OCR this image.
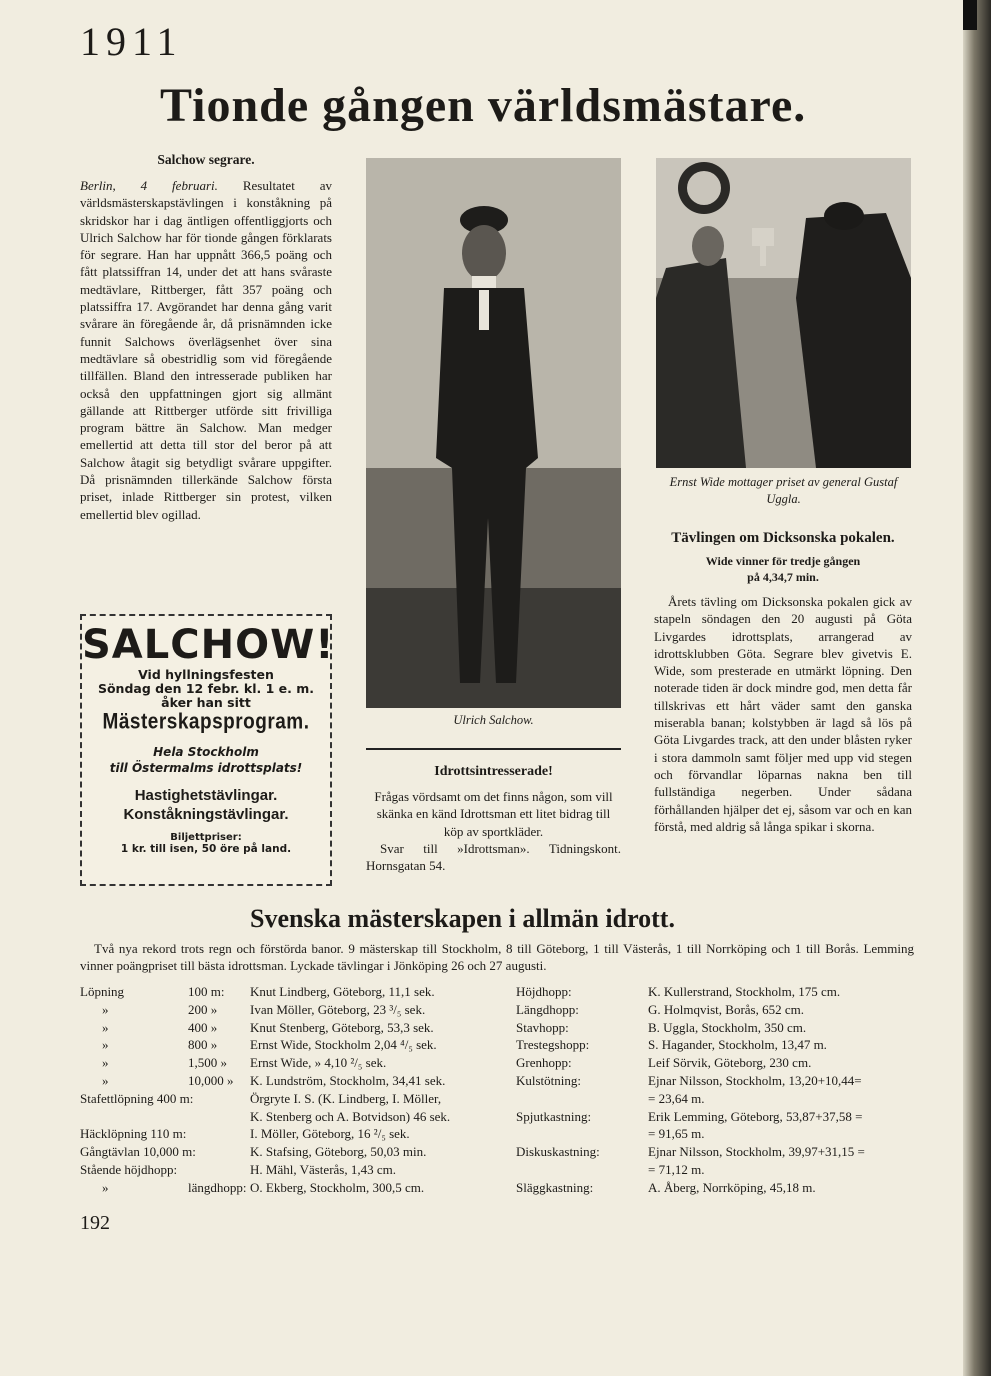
1911
Tionde gången världsmästare.
Salchow segrare.
Berlin, 4 februari. Resultatet av världsmästerskapstävlingen i konståkning på skridskor har i dag äntligen offentliggjorts och Ulrich Salchow har för tionde gången förklarats för segrare. Han har uppnått 366,5 poäng och fått platssiffran 14, under det att hans svåraste medtävlare, Rittberger, fått 357 poäng och platssiffra 17. Avgörandet har denna gång varit svårare än föregående år, då prisnämnden icke funnit Salchows överlägsenhet över sina medtävlare så obestridlig som vid föregående tillfällen. Bland den intresserade publiken har också den uppfattningen gjort sig allmänt gällande att Rittberger utförde sitt frivilliga program bättre än Salchow. Man medger emellertid att detta till stor del beror på att Salchow åtagit sig betydligt svårare uppgifter. Då prisnämnden tillerkände Salchow första priset, inlade Rittberger sin protest, vilken emellertid blev ogillad.
SALCHOW!
Vid hyllningsfesten
Söndag den 12 febr. kl. 1 e. m.
åker han sitt
Mästerskapsprogram.
Hela Stockholm
till Östermalms idrottsplats!
Hastighetstävlingar.
Konståkningstävlingar.
Biljettpriser:
1 kr. till isen, 50 öre på land.
Ulrich Salchow.
Idrottsintresserade!
Frågas vördsamt om det finns någon, som vill skänka en känd Idrottsman ett litet bidrag till köp av sportkläder.
Svar till »Idrottsman». Tidningskont. Hornsgatan 54.
Ernst Wide mottager priset av general Gustaf Uggla.
Tävlingen om Dicksonska pokalen.
Wide vinner för tredje gången
på 4,34,7 min.
Årets tävling om Dicksonska pokalen gick av stapeln söndagen den 20 augusti på Göta Livgardes idrottsplats, arrangerad av idrottsklubben Göta. Segrare blev givetvis E. Wide, som presterade en utmärkt löpning. Den noterade tiden är dock mindre god, men detta får tillskrivas ett hårt väder samt den ganska miserabla banan; kolstybben är lagd så lös på Göta Livgardes track, att den under blåsten ryker i stora dammoln samt följer med upp vid stegen och förvandlar löparnas nakna ben till fullständiga negerben. Under sådana förhållanden hjälper det ej, såsom var och en kan förstå, med aldrig så långa spikar i skorna.
Svenska mästerskapen i allmän idrott.
Två nya rekord trots regn och förstörda banor. 9 mästerskap till Stockholm, 8 till Göteborg, 1 till Västerås, 1 till Norrköping och 1 till Borås. Lemming vinner poängpriset till bästa idrottsman. Lyckade tävlingar i Jönköping 26 och 27 augusti.
Löpning	100 m:	Knut Lindberg, Göteborg, 11,1 sek.
»	200 »	Ivan Möller, Göteborg, 23 ³/₅ sek.
»	400 »	Knut Stenberg, Göteborg, 53,3 sek.
»	800 »	Ernst Wide, Stockholm 2,04 ⁴/₅ sek.
»	1,500 »	Ernst Wide, » 4,10 ²/₅ sek.
»	10,000 »	K. Lundström, Stockholm, 34,41 sek.
Stafettlöpning 400 m:		Örgryte I. S. (K. Lindberg, I. Möller,
		K. Stenberg och A. Botvidson) 46 sek.
Häcklöpning 110 m:		I. Möller, Göteborg, 16 ²/₅ sek.
Gångtävlan 10,000 m:		K. Stafsing, Göteborg, 50,03 min.
Stående höjdhopp:		H. Mähl, Västerås, 1,43 cm.
»	längdhopp:	O. Ekberg, Stockholm, 300,5 cm.
Höjdhopp:	K. Kullerstrand, Stockholm, 175 cm.
Längdhopp:	G. Holmqvist, Borås, 652 cm.
Stavhopp:	B. Uggla, Stockholm, 350 cm.
Trestegshopp:	S. Hagander, Stockholm, 13,47 m.
Grenhopp:	Leif Sörvik, Göteborg, 230 cm.
Kulstötning:	Ejnar Nilsson, Stockholm, 13,20+10,44=
	= 23,64 m.
Spjutkastning:	Erik Lemming, Göteborg, 53,87+37,58 =
	= 91,65 m.
Diskuskastning:	Ejnar Nilsson, Stockholm, 39,97+31,15 =
	= 71,12 m.
Släggkastning:	A. Åberg, Norrköping, 45,18 m.
192
